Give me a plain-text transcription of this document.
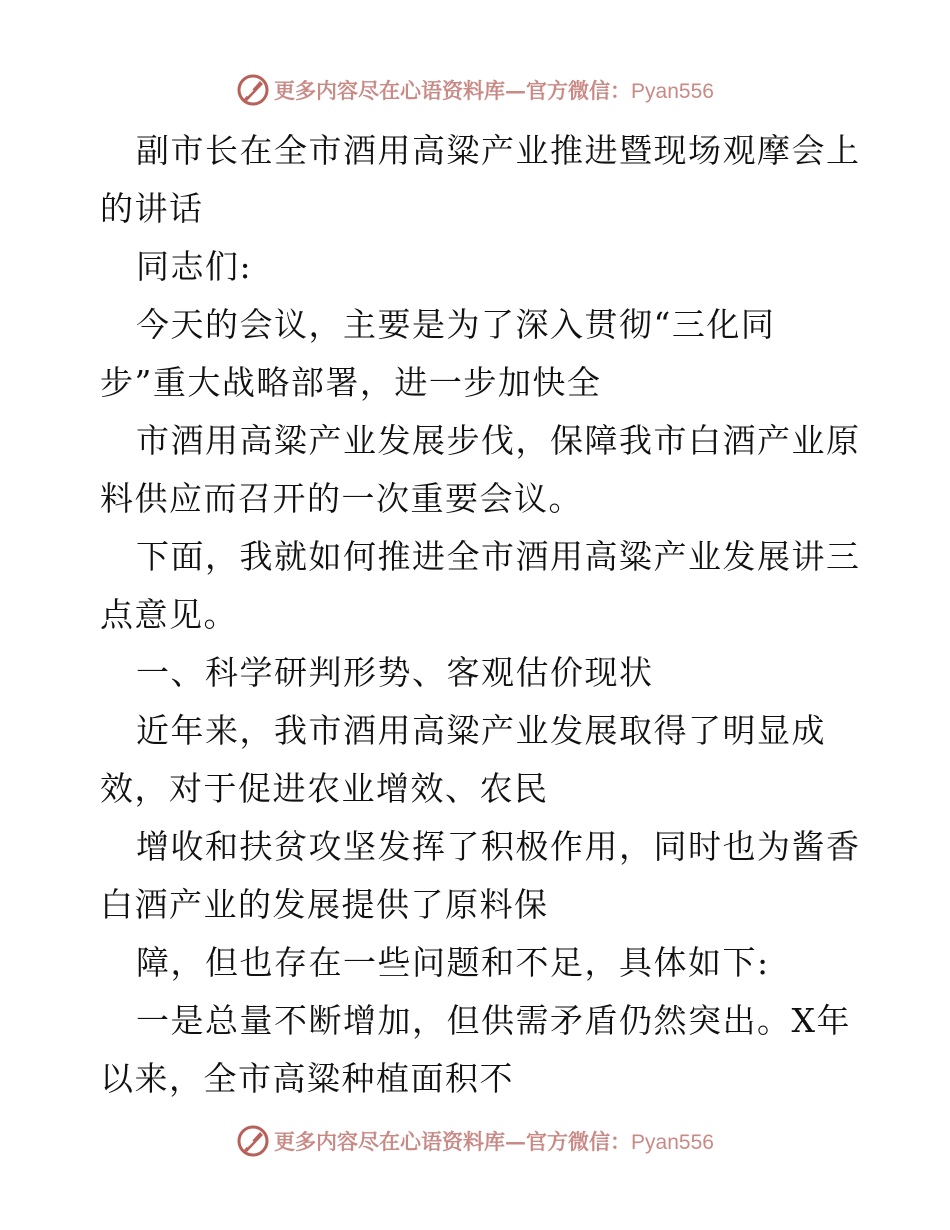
更多内容尽在心语资料库—官方微信：Pyan556
副市长在全市酒用高粱产业推进暨现场观摩会上
的讲话
同志们:
今天的会议，主要是为了深入贯彻“三化同
步”重大战略部署，进一步加快全
市酒用高粱产业发展步伐，保障我市白酒产业原
料供应而召开的一次重要会议。
下面，我就如何推进全市酒用高粱产业发展讲三
点意见。
一、科学研判形势、客观估价现状
近年来，我市酒用高粱产业发展取得了明显成
效，对于促进农业增效、农民
增收和扶贫攻坚发挥了积极作用，同时也为酱香
白酒产业的发展提供了原料保
障，但也存在一些问题和不足，具体如下:
一是总量不断增加，但供需矛盾仍然突出。X年
以来，全市高粱种植面积不
更多内容尽在心语资料库—官方微信：Pyan556
